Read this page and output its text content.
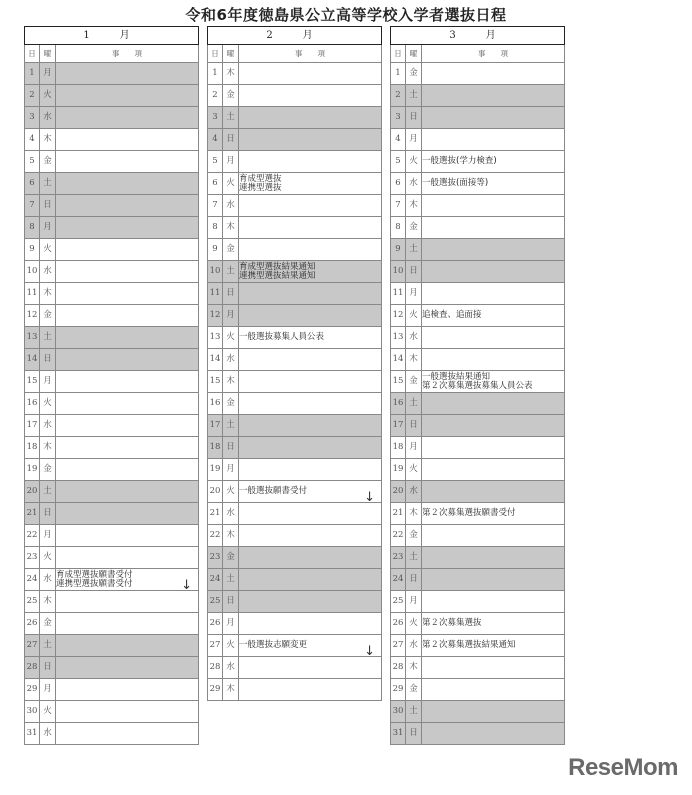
令和6年度徳島県公立高等学校入学者選抜日程
1　月		
日	曜	事　　項
1	月	
2	火	
3	水	
4	木	
5	金	
6	土	
7	日	
8	月	
9	火	
10	水	
11	木	
12	金	
13	土	
14	日	
15	月	
16	火	
17	水	
18	木	
19	金	
20	土	
21	日	
22	月	
23	火	
24	水	育成型選抜願書受付
連携型選抜願書受付 ↓

25	木	
26	金	
27	土	
28	日	
29	月	
30	火	
31	水	
2　月		
日	曜	事　　項
1	木	
2	金	
3	土	
4	日	
5	月	
6	火	育成型選抜
連携型選抜

7	水	
8	木	
9	金	
10	土	育成型選抜結果通知
連携型選抜結果通知

11	日	
12	月	
13	火	一般選抜募集人員公表

14	水	
15	木	
16	金	
17	土	
18	日	
19	月	
20	火	一般選抜願書受付 ↓

21	水	
22	木	
23	金	
24	土	
25	日	
26	月	
27	火	一般選抜志願変更 ↓

28	水	
29	木	
3　月		
日	曜	事　　項
1	金	
2	土	
3	日	
4	月	
5	火	一般選抜(学力検査)

6	水	一般選抜(面接等)

7	木	
8	金	
9	土	
10	日	
11	月	
12	火	追検査、追面接

13	水	
14	木	
15	金	一般選抜結果通知
第２次募集選抜募集人員公表

16	土	
17	日	
18	月	
19	火	
20	水	
21	木	第２次募集選抜願書受付

22	金	
23	土	
24	日	
25	月	
26	火	第２次募集選抜

27	水	第２次募集選抜結果通知

28	木	
29	金	
30	土	
31	日	
ReseMom
